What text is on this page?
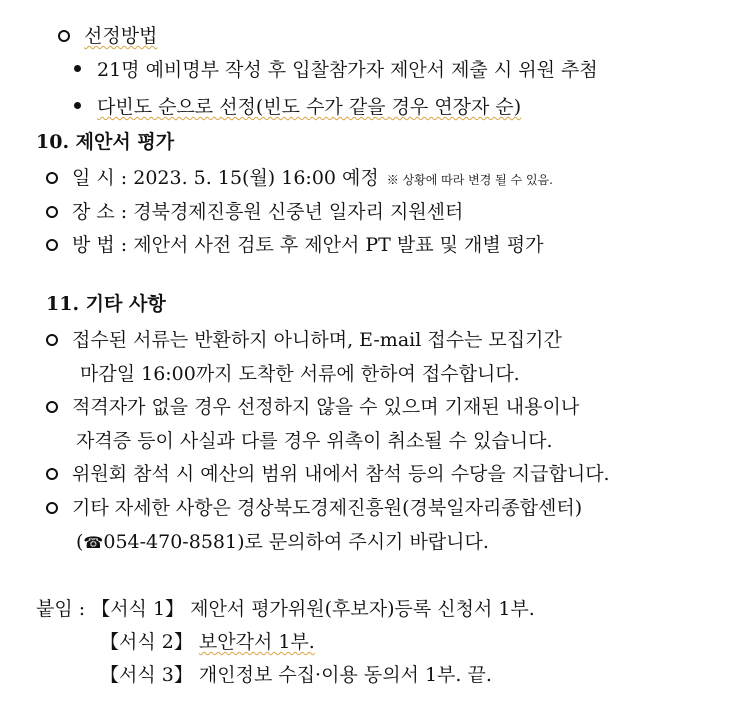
선정방법
21명 예비명부 작성 후 입찰참가자 제안서 제출 시 위원 추첨
다빈도 순으로 선정(빈도 수가 같을 경우 연장자 순)
10. 제안서 평가
일 시 : 2023. 5. 15(월) 16:00 예정 ※ 상황에 따라 변경 될 수 있음.
장 소 : 경북경제진흥원 신중년 일자리 지원센터
방 법 : 제안서 사전 검토 후 제안서 PT 발표 및 개별 평가
11. 기타 사항
접수된 서류는 반환하지 아니하며, E-mail 접수는 모집기간
마감일 16:00까지 도착한 서류에 한하여 접수합니다.
적격자가 없을 경우 선정하지 않을 수 있으며 기재된 내용이나
자격증 등이 사실과 다를 경우 위촉이 취소될 수 있습니다.
위원회 참석 시 예산의 범위 내에서 참석 등의 수당을 지급합니다.
기타 자세한 사항은 경상북도경제진흥원(경북일자리종합센터)
(☎054-470-8581)로 문의하여 주시기 바랍니다.
붙임 : 【서식 1】 제안서 평가위원(후보자)등록 신청서 1부.
【서식 2】 보안각서 1부.
【서식 3】 개인정보 수집·이용 동의서 1부. 끝.
